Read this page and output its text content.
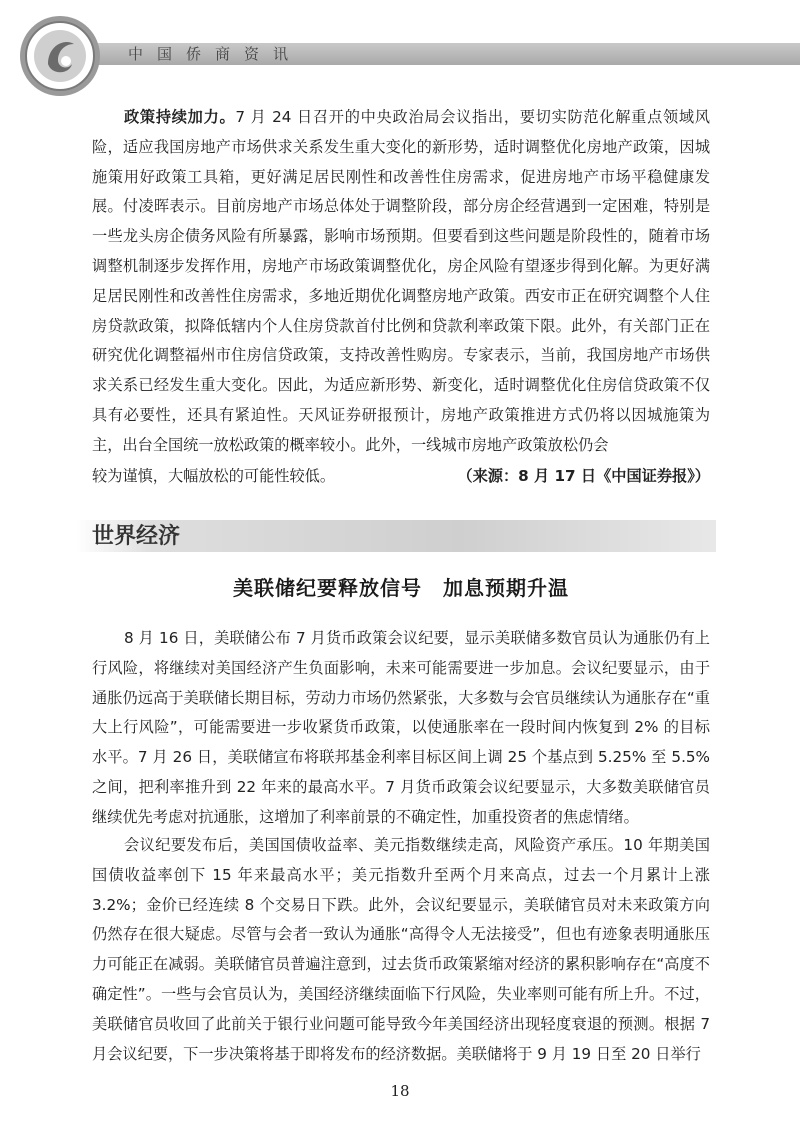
中国侨商资讯

政策持续加力。7 月 24 日召开的中央政治局会议指出，要切实防范化解重点领域风险，适应我国房地产市场供求关系发生重大变化的新形势，适时调整优化房地产政策，因城施策用好政策工具箱，更好满足居民刚性和改善性住房需求，促进房地产市场平稳健康发展。付凌晖表示。目前房地产市场总体处于调整阶段，部分房企经营遇到一定困难，特别是一些龙头房企债务风险有所暴露，影响市场预期。但要看到这些问题是阶段性的，随着市场调整机制逐步发挥作用，房地产市场政策调整优化，房企风险有望逐步得到化解。为更好满足居民刚性和改善性住房需求，多地近期优化调整房地产政策。西安市正在研究调整个人住房贷款政策，拟降低辖内个人住房贷款首付比例和贷款利率政策下限。此外，有关部门正在研究优化调整福州市住房信贷政策，支持改善性购房。专家表示，当前，我国房地产市场供求关系已经发生重大变化。因此，为适应新形势、新变化，适时调整优化住房信贷政策不仅具有必要性，还具有紧迫性。天风证券研报预计，房地产政策推进方式仍将以因城施策为主，出台全国统一放松政策的概率较小。此外，一线城市房地产政策放松仍会

较为谨慎，大幅放松的可能性较低。	（来源：8 月 17 日《中国证券报》）
世界经济
美联储纪要释放信号　加息预期升温

8 月 16 日，美联储公布 7 月货币政策会议纪要，显示美联储多数官员认为通胀仍有上行风险，将继续对美国经济产生负面影响，未来可能需要进一步加息。会议纪要显示，由于通胀仍远高于美联储长期目标，劳动力市场仍然紧张，大多数与会官员继续认为通胀存在“重大上行风险”，可能需要进一步收紧货币政策，以使通胀率在一段时间内恢复到 2% 的目标水平。7 月 26 日，美联储宣布将联邦基金利率目标区间上调 25 个基点到 5.25% 至 5.5% 之间，把利率推升到 22 年来的最高水平。7 月货币政策会议纪要显示，大多数美联储官员继续优先考虑对抗通胀，这增加了利率前景的不确定性，加重投资者的焦虑情绪。

会议纪要发布后，美国国债收益率、美元指数继续走高，风险资产承压。10 年期美国国债收益率创下 15 年来最高水平；美元指数升至两个月来高点，过去一个月累计上涨 3.2%；金价已经连续 8 个交易日下跌。此外，会议纪要显示，美联储官员对未来政策方向仍然存在很大疑虑。尽管与会者一致认为通胀“高得令人无法接受”，但也有迹象表明通胀压力可能正在减弱。美联储官员普遍注意到，过去货币政策紧缩对经济的累积影响存在“高度不确定性”。一些与会官员认为，美国经济继续面临下行风险，失业率则可能有所上升。不过，美联储官员收回了此前关于银行业问题可能导致今年美国经济出现轻度衰退的预测。根据 7 月会议纪要，下一步决策将基于即将发布的经济数据。美联储将于 9 月 19 日至 20 日举行

18
